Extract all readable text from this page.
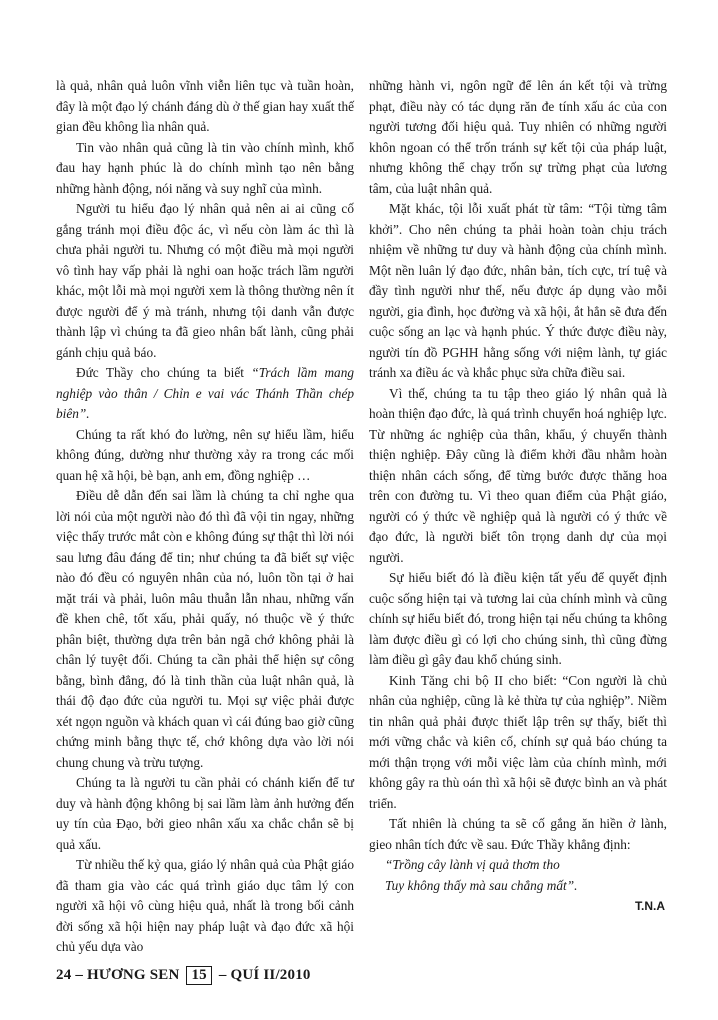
là quả, nhân quả luôn vĩnh viễn liên tục và tuần hoàn, đây là một đạo lý chánh đáng dù ở thế gian hay xuất thế gian đều không lìa nhân quả.

Tin vào nhân quả cũng là tin vào chính mình, khổ đau hay hạnh phúc là do chính mình tạo nên bằng những hành động, nói năng và suy nghĩ của mình.

Người tu hiểu đạo lý nhân quả nên ai ai cũng cố gắng tránh mọi điều độc ác, vì nếu còn làm ác thì là chưa phải người tu. Nhưng có một điều mà mọi người vô tình hay vấp phải là nghi oan hoặc trách lầm người khác, một lỗi mà mọi người xem là thông thường nên ít được người để ý mà tránh, nhưng tội danh vẫn được thành lập vì chúng ta đã gieo nhân bất lành, cũng phải gánh chịu quả báo.

Đức Thầy cho chúng ta biết “Trách lầm mang nghiệp vào thân / Chỉn e vai vác Thánh Thần chép biên”.

Chúng ta rất khó đo lường, nên sự hiểu lầm, hiểu không đúng, dường như thường xảy ra trong các mối quan hệ xã hội, bè bạn, anh em, đồng nghiệp …

Điều dễ dẫn đến sai lầm là chúng ta chỉ nghe qua lời nói của một người nào đó thì đã vội tin ngay, những việc thấy trước mắt còn e không đúng sự thật thì lời nói sau lưng đâu đáng để tin; như chúng ta đã biết sự việc nào đó đều có nguyên nhân của nó, luôn tồn tại ở hai mặt trái và phải, luôn mâu thuẫn lẫn nhau, những vấn đề khen chê, tốt xấu, phải quấy, nó thuộc về ý thức phân biệt, thường dựa trên bản ngã chớ không phải là chân lý tuyệt đối. Chúng ta cần phải thể hiện sự công bằng, bình đẳng, đó là tinh thần của luật nhân quả, là thái độ đạo đức của người tu. Mọi sự việc phải được xét ngọn nguồn và khách quan vì cái đúng bao giờ cũng chứng minh bằng thực tế, chớ không dựa vào lời nói chung chung và trừu tượng.

Chúng ta là người tu cần phải có chánh kiến để tư duy và hành động không bị sai lầm làm ảnh hưởng đến uy tín của Đạo, bởi gieo nhân xấu xa chắc chắn sẽ bị quả xấu.

Từ nhiều thế kỷ qua, giáo lý nhân quả của Phật giáo đã tham gia vào các quá trình giáo dục tâm lý con người xã hội vô cùng hiệu quả, nhất là trong bối cảnh đời sống xã hội hiện nay pháp luật và đạo đức xã hội chủ yếu dựa vào

những hành vi, ngôn ngữ để lên án kết tội và trừng phạt, điều này có tác dụng răn đe tính xấu ác của con người tương đối hiệu quả. Tuy nhiên có những người khôn ngoan có thể trốn tránh sự kết tội của pháp luật, nhưng không thể chạy trốn sự trừng phạt của lương tâm, của luật nhân quả.

Mặt khác, tội lỗi xuất phát từ tâm: “Tội từng tâm khởi”. Cho nên chúng ta phải hoàn toàn chịu trách nhiệm về những tư duy và hành động của chính mình. Một nền luân lý đạo đức, nhân bản, tích cực, trí tuệ và đầy tình người như thế, nếu được áp dụng vào mỗi người, gia đình, học đường và xã hội, ắt hẳn sẽ đưa đến cuộc sống an lạc và hạnh phúc. Ý thức được điều này, người tín đồ PGHH hằng sống với niệm lành, tự giác tránh xa điều ác và khắc phục sửa chữa điều sai.

Vì thế, chúng ta tu tập theo giáo lý nhân quả là hoàn thiện đạo đức, là quá trình chuyển hoá nghiệp lực. Từ những ác nghiệp của thân, khẩu, ý chuyển thành thiện nghiệp. Đây cũng là điểm khởi đầu nhằm hoàn thiện nhân cách sống, để từng bước được thăng hoa trên con đường tu. Vì theo quan điểm của Phật giáo, người có ý thức về nghiệp quả là người có ý thức về đạo đức, là người biết tôn trọng danh dự của mọi người.

Sự hiểu biết đó là điều kiện tất yếu để quyết định cuộc sống hiện tại và tương lai của chính mình và cũng chính sự hiểu biết đó, trong hiện tại nếu chúng ta không làm được điều gì có lợi cho chúng sinh, thì cũng đừng làm điều gì gây đau khổ chúng sinh.

Kinh Tăng chi bộ II cho biết: “Con người là chủ nhân của nghiệp, cũng là kẻ thừa tự của nghiệp”. Niềm tin nhân quả phải được thiết lập trên sự thấy, biết thì mới vững chắc và kiên cố, chính sự quả báo chúng ta mới thận trọng với mỗi việc làm của chính mình, mới không gây ra thù oán thì xã hội sẽ được bình an và phát triển.

Tất nhiên là chúng ta sẽ cố gắng ăn hiền ở lành, gieo nhân tích đức về sau. Đức Thầy khẳng định:

“Trồng cây lành vị quả thơm tho

Tuy không thấy mà sau chẳng mất”.

T.N.A
24 – HƯƠNG SEN 15 – QUÍ II/2010
